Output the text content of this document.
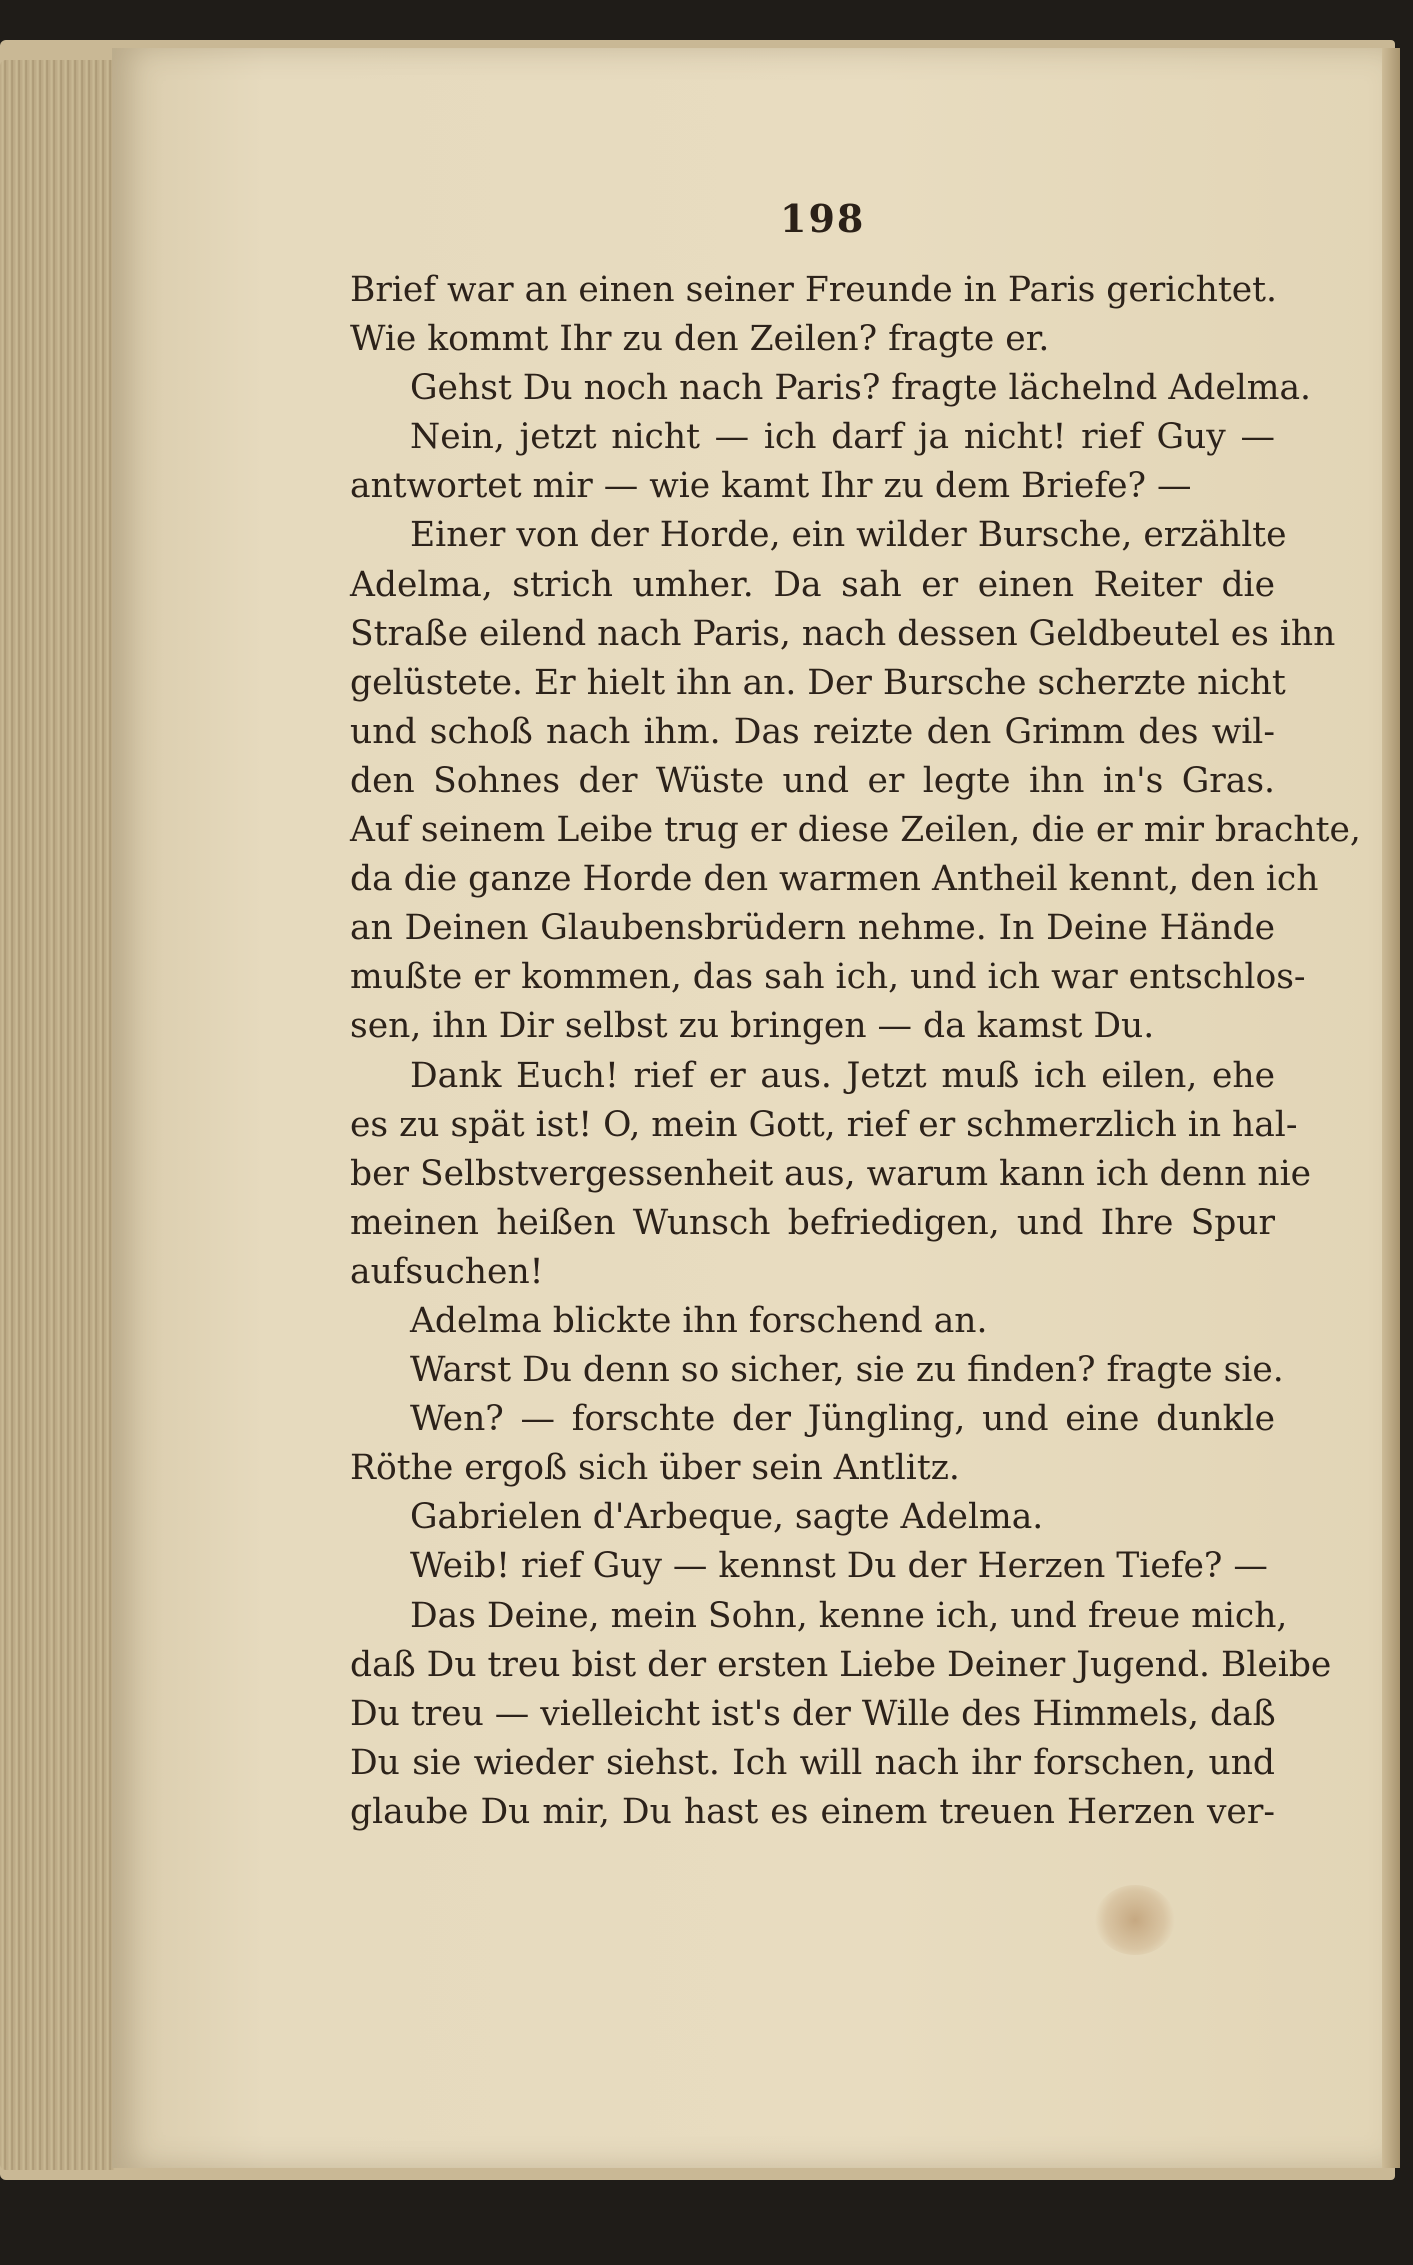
198
Brief war an einen seiner Freunde in Paris gerichtet.
Wie kommt Ihr zu den Zeilen? fragte er.
Gehst Du noch nach Paris? fragte lächelnd Adelma.
Nein, jetzt nicht — ich darf ja nicht! rief Guy —
antwortet mir — wie kamt Ihr zu dem Briefe? —
Einer von der Horde, ein wilder Bursche, erzählte
Adelma, strich umher. Da sah er einen Reiter die
Straße eilend nach Paris, nach dessen Geldbeutel es ihn
gelüstete. Er hielt ihn an. Der Bursche scherzte nicht
und schoß nach ihm. Das reizte den Grimm des wil-
den Sohnes der Wüste und er legte ihn in's Gras.
Auf seinem Leibe trug er diese Zeilen, die er mir brachte,
da die ganze Horde den warmen Antheil kennt, den ich
an Deinen Glaubensbrüdern nehme. In Deine Hände
mußte er kommen, das sah ich, und ich war entschlos-
sen, ihn Dir selbst zu bringen — da kamst Du.
Dank Euch! rief er aus. Jetzt muß ich eilen, ehe
es zu spät ist! O, mein Gott, rief er schmerzlich in hal-
ber Selbstvergessenheit aus, warum kann ich denn nie
meinen heißen Wunsch befriedigen, und Ihre Spur
aufsuchen!
Adelma blickte ihn forschend an.
Warst Du denn so sicher, sie zu finden? fragte sie.
Wen? — forschte der Jüngling, und eine dunkle
Röthe ergoß sich über sein Antlitz.
Gabrielen d'Arbeque, sagte Adelma.
Weib! rief Guy — kennst Du der Herzen Tiefe? —
Das Deine, mein Sohn, kenne ich, und freue mich,
daß Du treu bist der ersten Liebe Deiner Jugend. Bleibe
Du treu — vielleicht ist's der Wille des Himmels, daß
Du sie wieder siehst. Ich will nach ihr forschen, und
glaube Du mir, Du hast es einem treuen Herzen ver-
